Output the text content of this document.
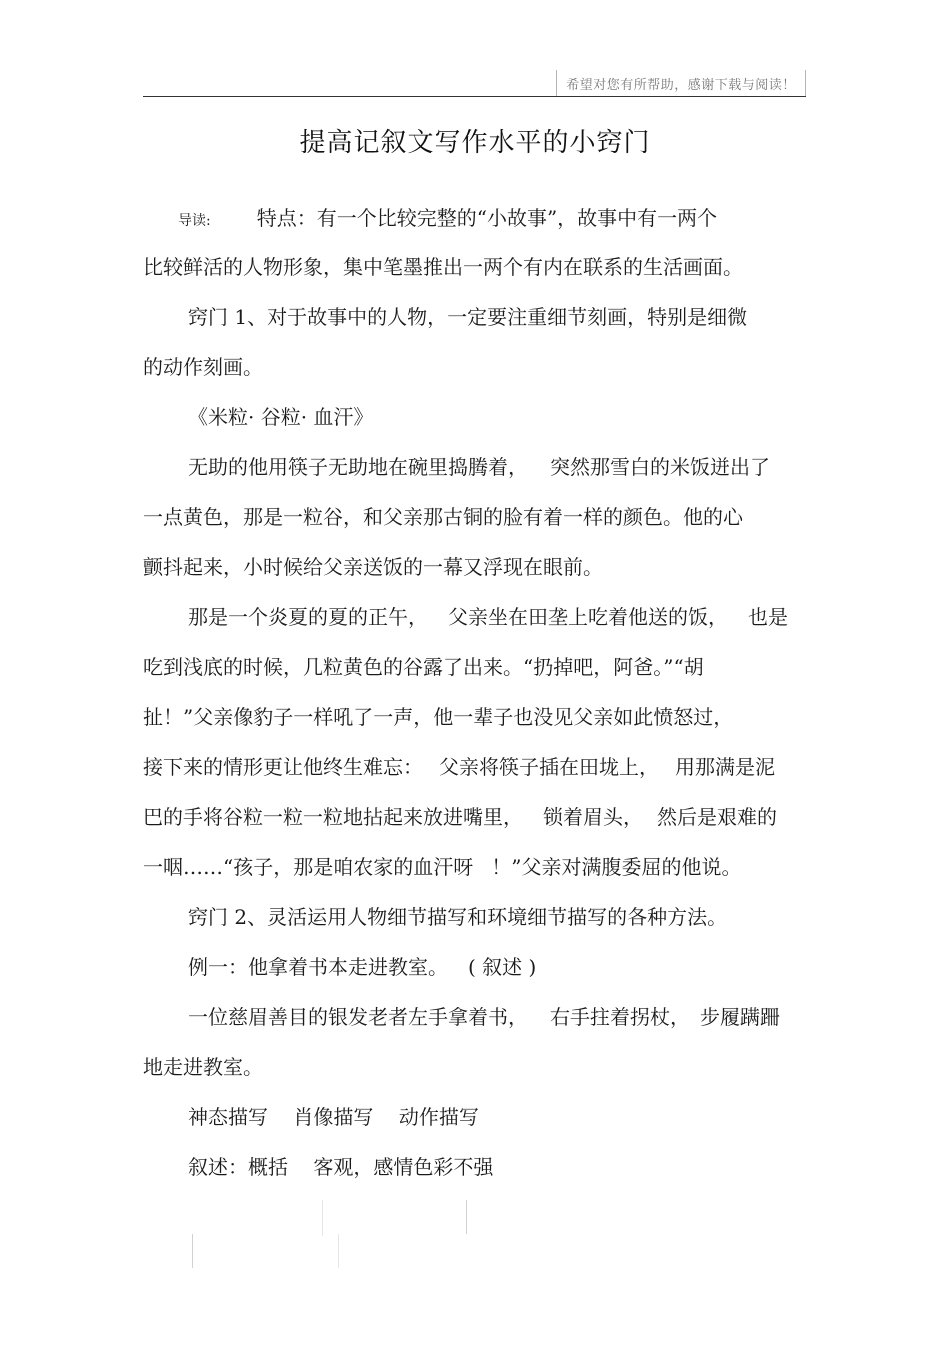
希望对您有所帮助，感谢下载与阅读！
提高记叙文写作水平的小窍门
导读: 特点：有一个比较完整的“小故事”，故事中有一两个
比较鲜活的人物形象，集中笔墨推出一两个有内在联系的生活画面。
窍门 1、对于故事中的人物，一定要注重细节刻画，特别是细微
的动作刻画。
《米粒· 谷粒· 血汗》
无助的他用筷子无助地在碗里捣腾着， 突然那雪白的米饭迸出了
一点黄色，那是一粒谷，和父亲那古铜的脸有着一样的颜色。他的心
颤抖起来，小时候给父亲送饭的一幕又浮现在眼前。
那是一个炎夏的夏的正午， 父亲坐在田垄上吃着他送的饭， 也是
吃到浅底的时候，几粒黄色的谷露了出来。“扔掉吧，阿爸。”“胡
扯！”父亲像豹子一样吼了一声，他一辈子也没见父亲如此愤怒过，
接下来的情形更让他终生难忘： 父亲将筷子插在田垅上， 用那满是泥
巴的手将谷粒一粒一粒地拈起来放进嘴里， 锁着眉头， 然后是艰难的
一咽……“孩子，那是咱农家的血汗呀 ！”父亲对满腹委屈的他说。
窍门 2、灵活运用人物细节描写和环境细节描写的各种方法。
例一：他拿着书本走进教室。 ( 叙述 )
一位慈眉善目的银发老者左手拿着书， 右手拄着拐杖， 步履蹒跚
地走进教室。
神态描写    肖像描写    动作描写
叙述：概括    客观，感情色彩不强
